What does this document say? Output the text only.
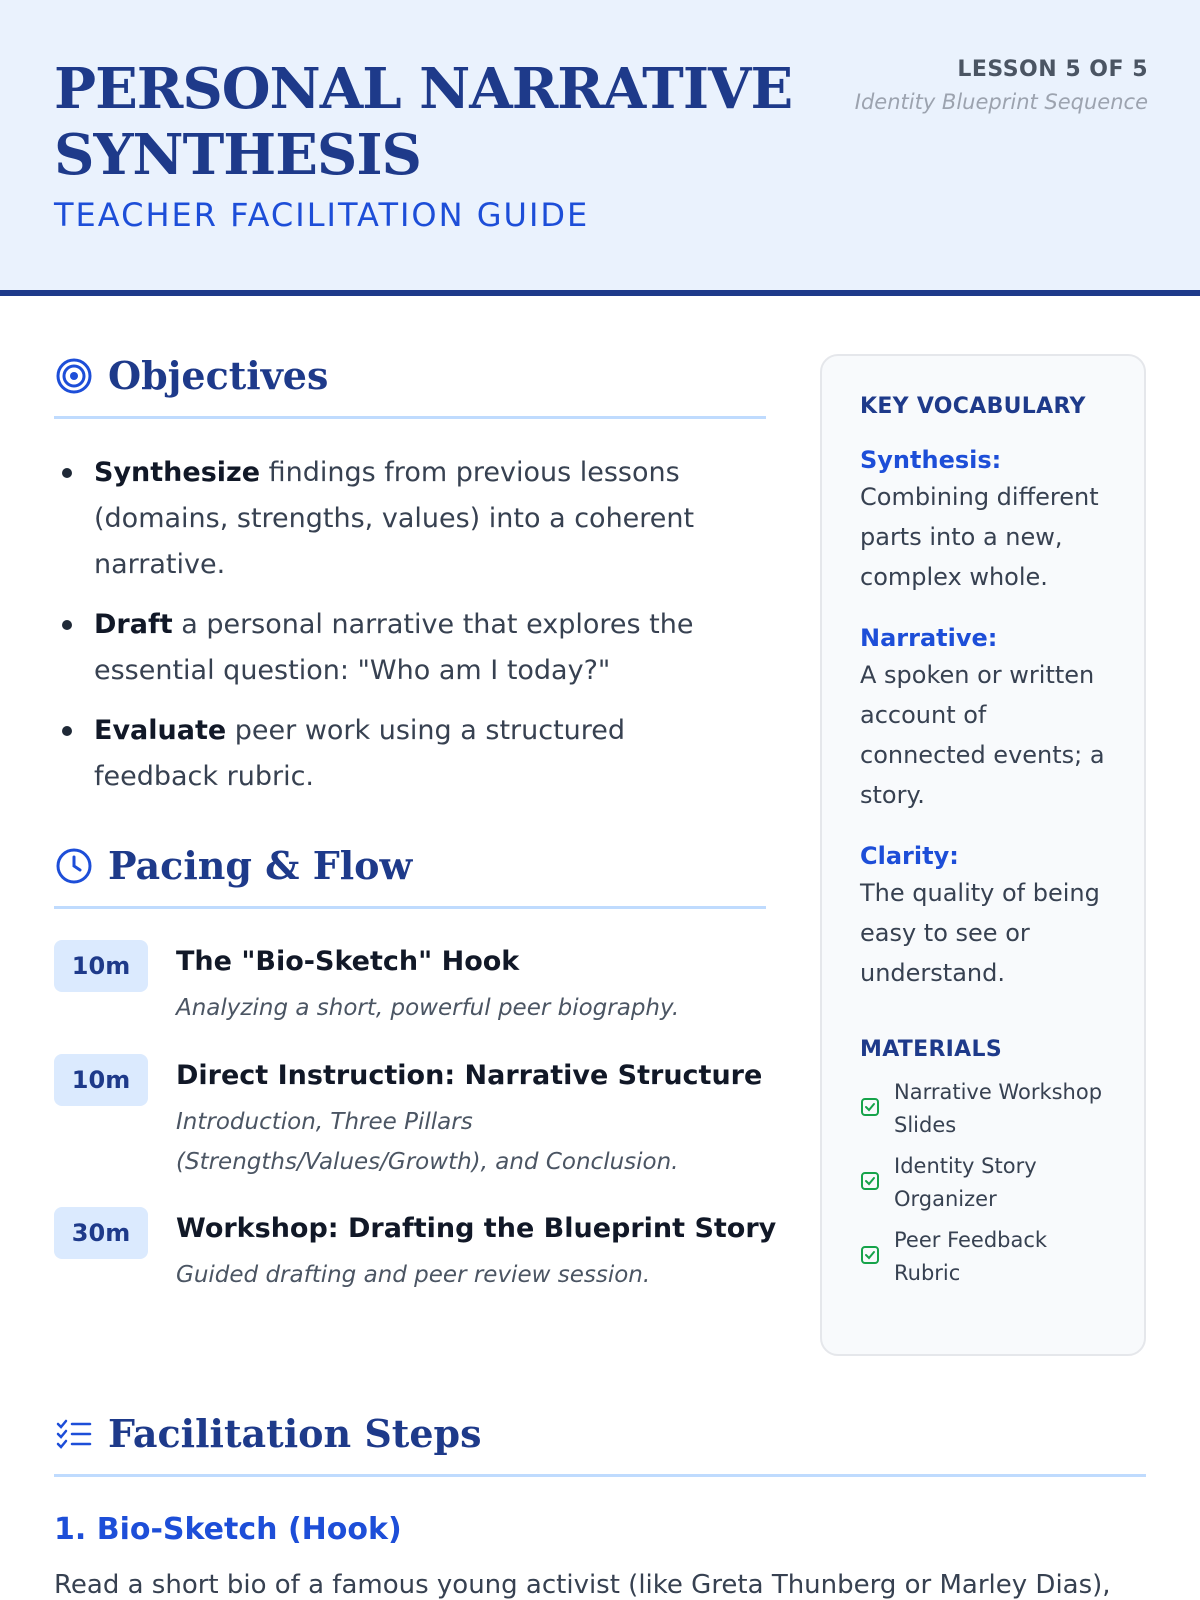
PERSONAL NARRATIVE SYNTHESIS
TEACHER FACILITATION GUIDE
LESSON 5 OF 5
Identity Blueprint Sequence
Objectives
Synthesize findings from previous lessons (domains, strengths, values) into a coherent narrative.
Draft a personal narrative that explores the essential question: "Who am I today?"
Evaluate peer work using a structured feedback rubric.
Pacing & Flow
10m	The "Bio-Sketch" Hook
Analyzing a short, powerful peer biography.
10m	Direct Instruction: Narrative Structure
Introduction, Three Pillars (Strengths/Values/Growth), and Conclusion.
30m	Workshop: Drafting the Blueprint Story
Guided drafting and peer review session.
KEY VOCABULARY
Synthesis:
Combining different parts into a new, complex whole.
Narrative:
A spoken or written account of connected events; a story.
Clarity:
The quality of being easy to see or understand.
MATERIALS
Narrative Workshop Slides
Identity Story Organizer
Peer Feedback Rubric
Facilitation Steps
1. Bio-Sketch (Hook)
Read a short bio of a famous young activist (like Greta Thunberg or Marley Dias),
